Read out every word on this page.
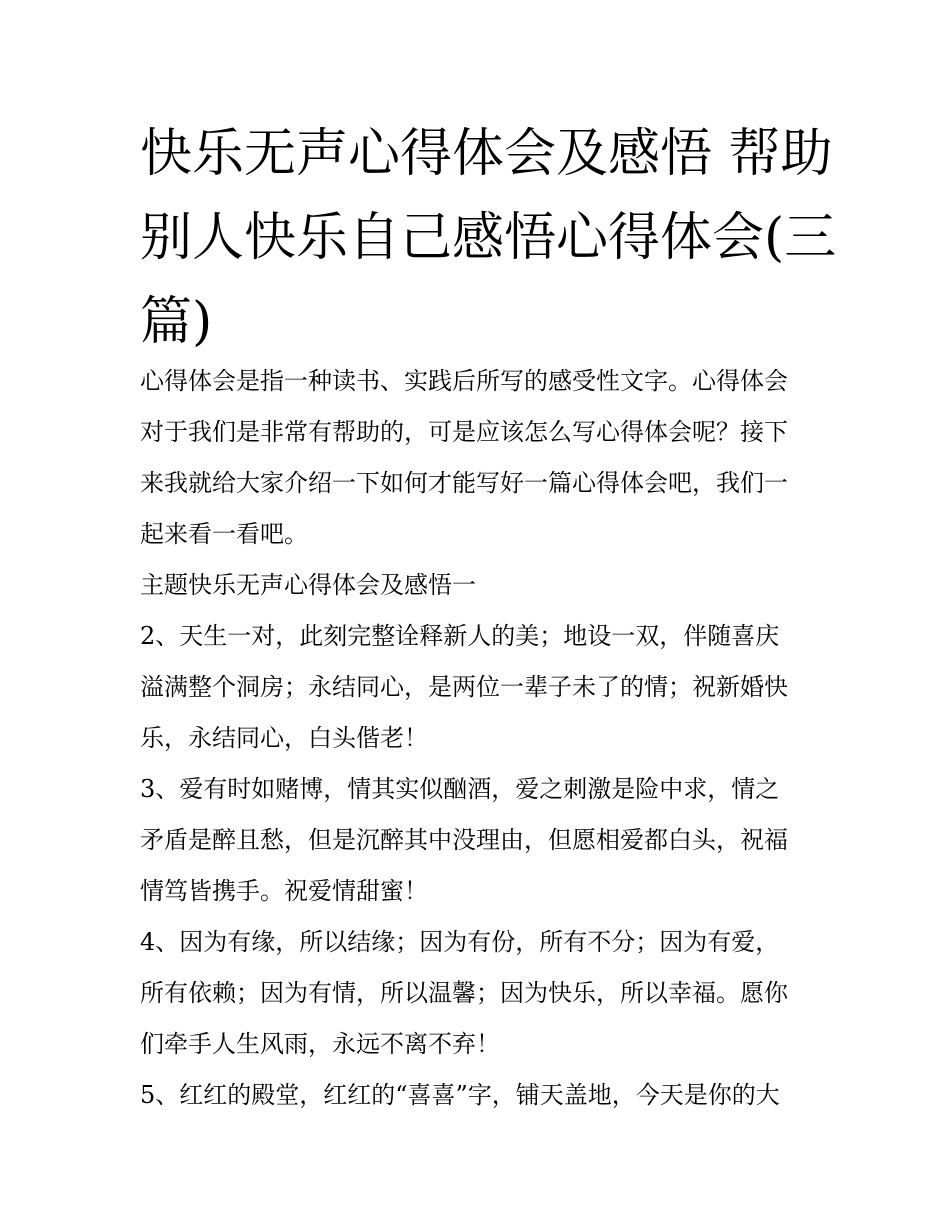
快乐无声心得体会及感悟 帮助
别人快乐自己感悟心得体会(三
篇)
心得体会是指一种读书、实践后所写的感受性文字。心得体会
对于我们是非常有帮助的，可是应该怎么写心得体会呢？接下
来我就给大家介绍一下如何才能写好一篇心得体会吧，我们一
起来看一看吧。
主题快乐无声心得体会及感悟一
2、天生一对，此刻完整诠释新人的美；地设一双，伴随喜庆
溢满整个洞房；永结同心，是两位一辈子未了的情；祝新婚快
乐，永结同心，白头偕老！
3、爱有时如赌博，情其实似酗酒，爱之刺激是险中求，情之
矛盾是醉且愁，但是沉醉其中没理由，但愿相爱都白头，祝福
情笃皆携手。祝爱情甜蜜！
4、因为有缘，所以结缘；因为有份，所有不分；因为有爱，
所有依赖；因为有情，所以温馨；因为快乐，所以幸福。愿你
们牵手人生风雨，永远不离不弃！
5、红红的殿堂，红红的“喜喜”字，铺天盖地，今天是你的大
